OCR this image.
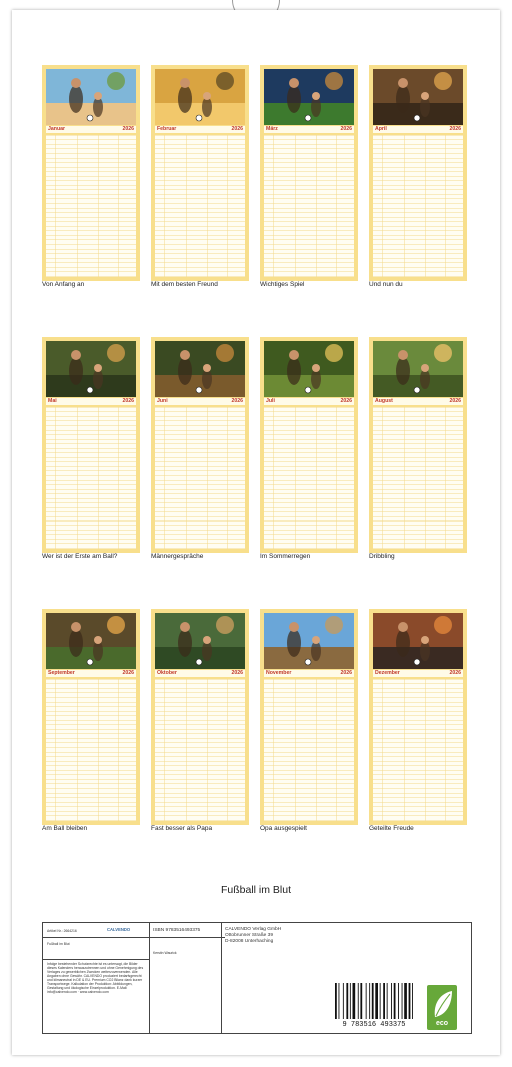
Januar	2026
Von Anfang an
Februar	2026
Mit dem besten Freund
März	2026
Wichtiges Spiel
April	2026
Und nun du
Mai	2026
Wer ist der Erste am Ball?
Juni	2026
Männergespräche
Juli	2026
Im Sommerregen
August	2026
Dribbling
September	2026
Am Ball bleiben
Oktober	2026
Fast besser als Papa
November	2026
Opa ausgespielt
Dezember	2026
Geteilte Freude
Fußball im Blut
Artikel Nr.: 2664216	CALVENDO
Fußball im Blut
Infolge bestehender Schutzrechte ist es untersagt, die Bilder dieses Kalenders herauszutrennen und ohne Genehmigung des Verlages zu gewerblichen Zwecken weiterzuverwenden. Alle Angaben ohne Gewähr. CALVENDO produziert bedarfsgerecht und klimaneutral in DE & EU. Premium CO2 Bilanz dank kurzer Transportwege. Kalkulation der Produktion: Abbildungen, Gestaltung und ökologische Einzelproduktion. E-Mail: info@calvendo.com · www.calvendo.com
ISBN 9783516493375
Kerstin Waurick
CALVENDO Verlag GmbH
Ottobrunner Straße 39
D-82008 Unterhaching
9 783516 493375	eco
